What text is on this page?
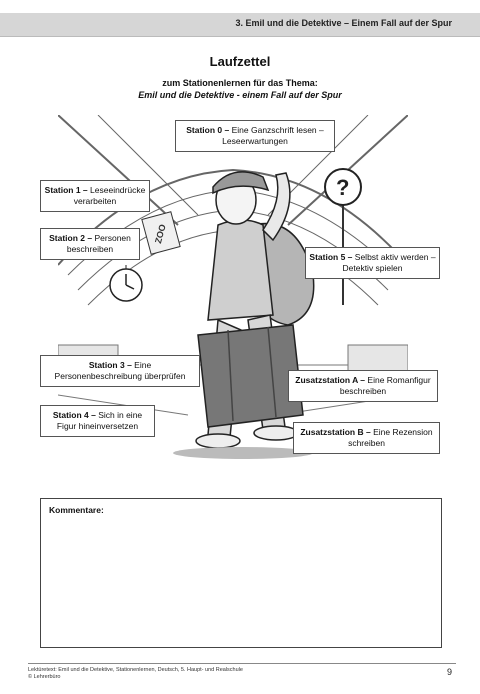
3. Emil und die Detektive – Einem Fall auf der Spur
Laufzettel
zum Stationenlernen für das Thema:
Emil und die Detektive - einem Fall auf der Spur
ZOO
?
Station 0 – Eine Ganzschrift lesen – Leseerwartungen
Station 1 – Leseeindrücke verarbeiten
Station 2 – Personen beschreiben
Station 5 – Selbst aktiv werden – Detektiv spielen
Station 3 – Eine Personenbeschreibung überprüfen
Station 4 – Sich in eine Figur hineinversetzen
Zusatzstation A – Eine Romanfigur beschreiben
Zusatzstation B – Eine Rezension schreiben
Kommentare:
Lektüretext: Emil und die Detektive, Stationenlernen, Deutsch, 5. Haupt- und Realschule
© Lehrerbüro	9
